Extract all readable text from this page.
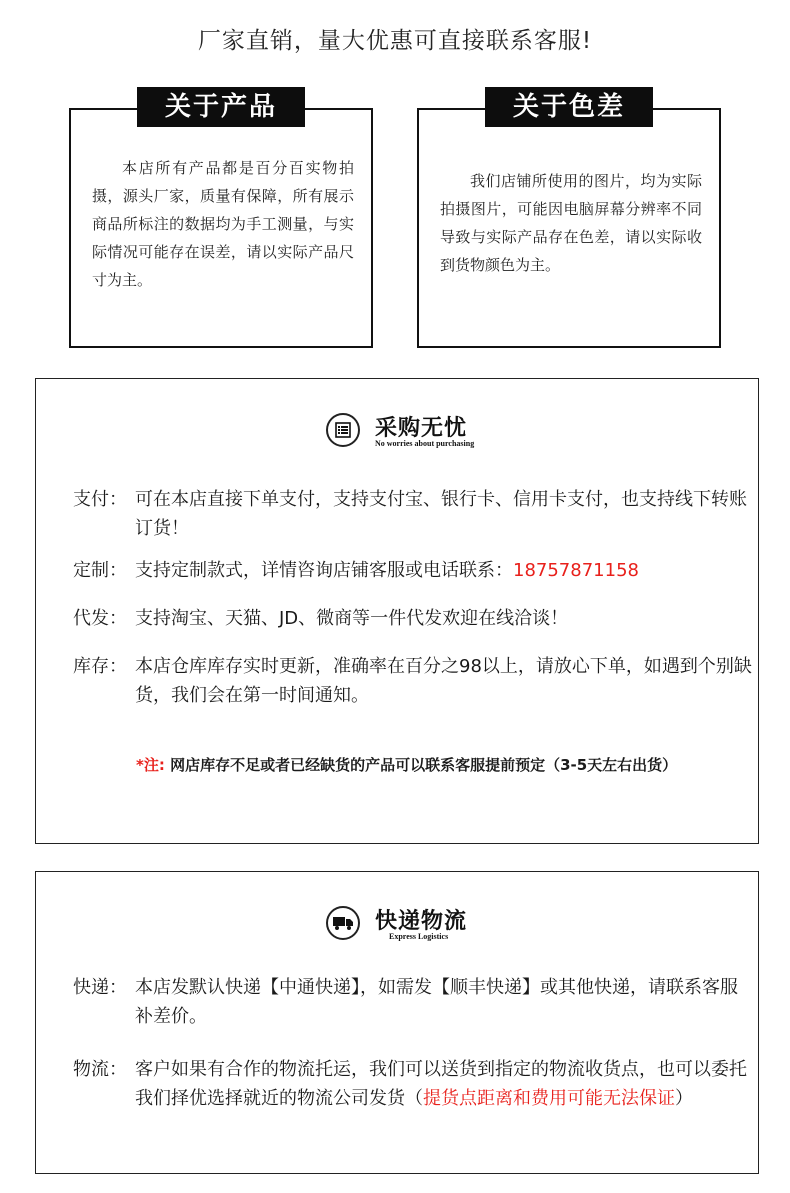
厂家直销，量大优惠可直接联系客服!
关于产品

本店所有产品都是百分百实物拍摄，源头厂家，质量有保障，所有展示商品所标注的数据均为手工测量，与实际情况可能存在误差，请以实际产品尺寸为主。

关于色差

我们店铺所使用的图片，均为实际拍摄图片，可能因电脑屏幕分辨率不同导致与实际产品存在色差，请以实际收到货物颜色为主。

采购无忧
No worries about purchasing
支付： 可在本店直接下单支付，支持支付宝、银行卡、信用卡支付，也支持线下转账订货！
定制： 支持定制款式，详情咨询店铺客服或电话联系：18757871158
代发： 支持淘宝、天猫、JD、微商等一件代发欢迎在线洽谈！
库存： 本店仓库库存实时更新，准确率在百分之98以上，请放心下单，如遇到个别缺货，我们会在第一时间通知。
*注: 网店库存不足或者已经缺货的产品可以联系客服提前预定（3-5天左右出货）
快递物流
Express Logistics
快递： 本店发默认快递【中通快递】，如需发【顺丰快递】或其他快递，请联系客服补差价。
物流： 客户如果有合作的物流托运，我们可以送货到指定的物流收货点，也可以委托我们择优选择就近的物流公司发货（提货点距离和费用可能无法保证）
